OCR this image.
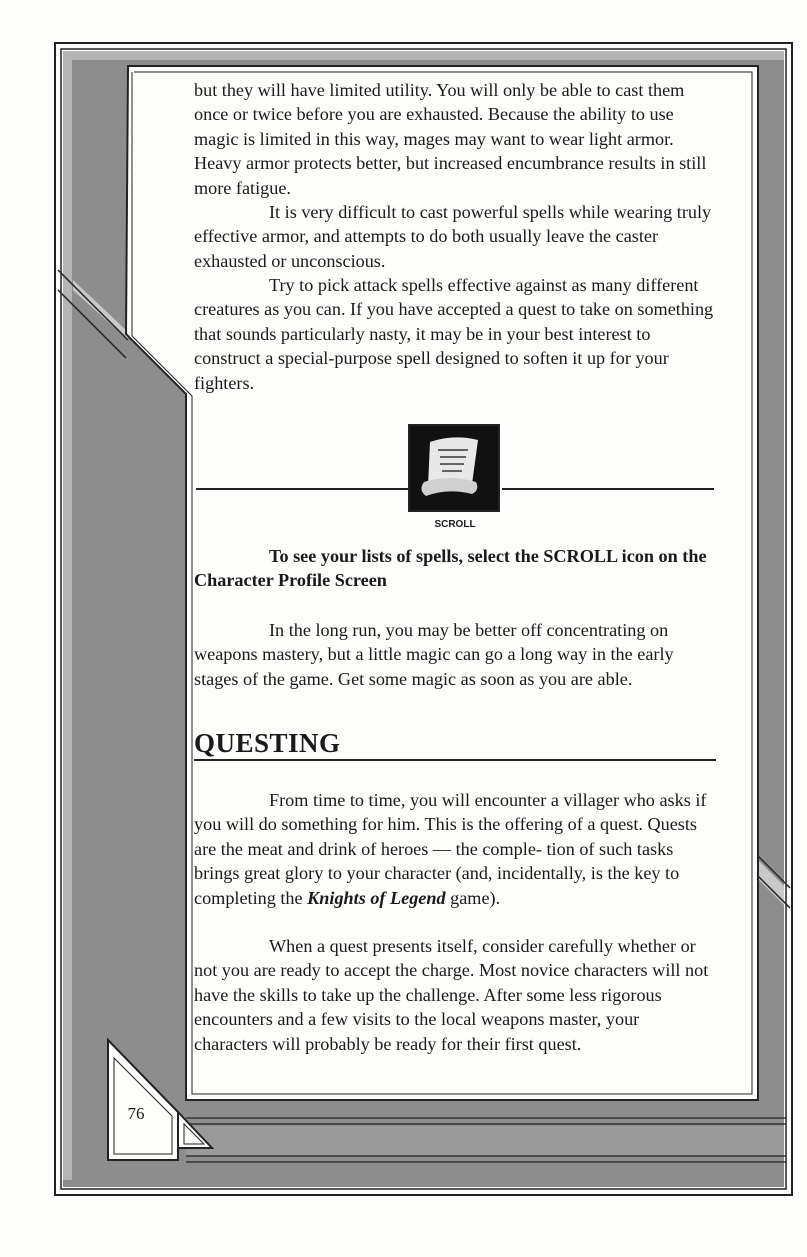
but they will have limited utility. You will only be able to cast them once or twice before you are exhausted. Because the ability to use magic is limited in this way, mages may want to wear light armor. Heavy armor protects better, but increased encumbrance results in still more fatigue.

It is very difficult to cast powerful spells while wearing truly effective armor, and attempts to do both usually leave the caster exhausted or unconscious.

Try to pick attack spells effective against as many different creatures as you can. If you have accepted a quest to take on something that sounds particularly nasty, it may be in your best interest to construct a special-purpose spell designed to soften it up for your fighters.

SCROLL

To see your lists of spells, select the SCROLL icon on the Character Profile Screen

In the long run, you may be better off concentrating on weapons mastery, but a little magic can go a long way in the early stages of the game. Get some magic as soon as you are able.

QUESTING

From time to time, you will encounter a villager who asks if you will do something for him. This is the offering of a quest. Quests are the meat and drink of heroes — the comple- tion of such tasks brings great glory to your character (and, incidentally, is the key to completing the Knights of Legend game).

When a quest presents itself, consider carefully whether or not you are ready to accept the charge. Most novice characters will not have the skills to take up the challenge. After some less rigorous encounters and a few visits to the local weapons master, your characters will probably be ready for their first quest.

76
